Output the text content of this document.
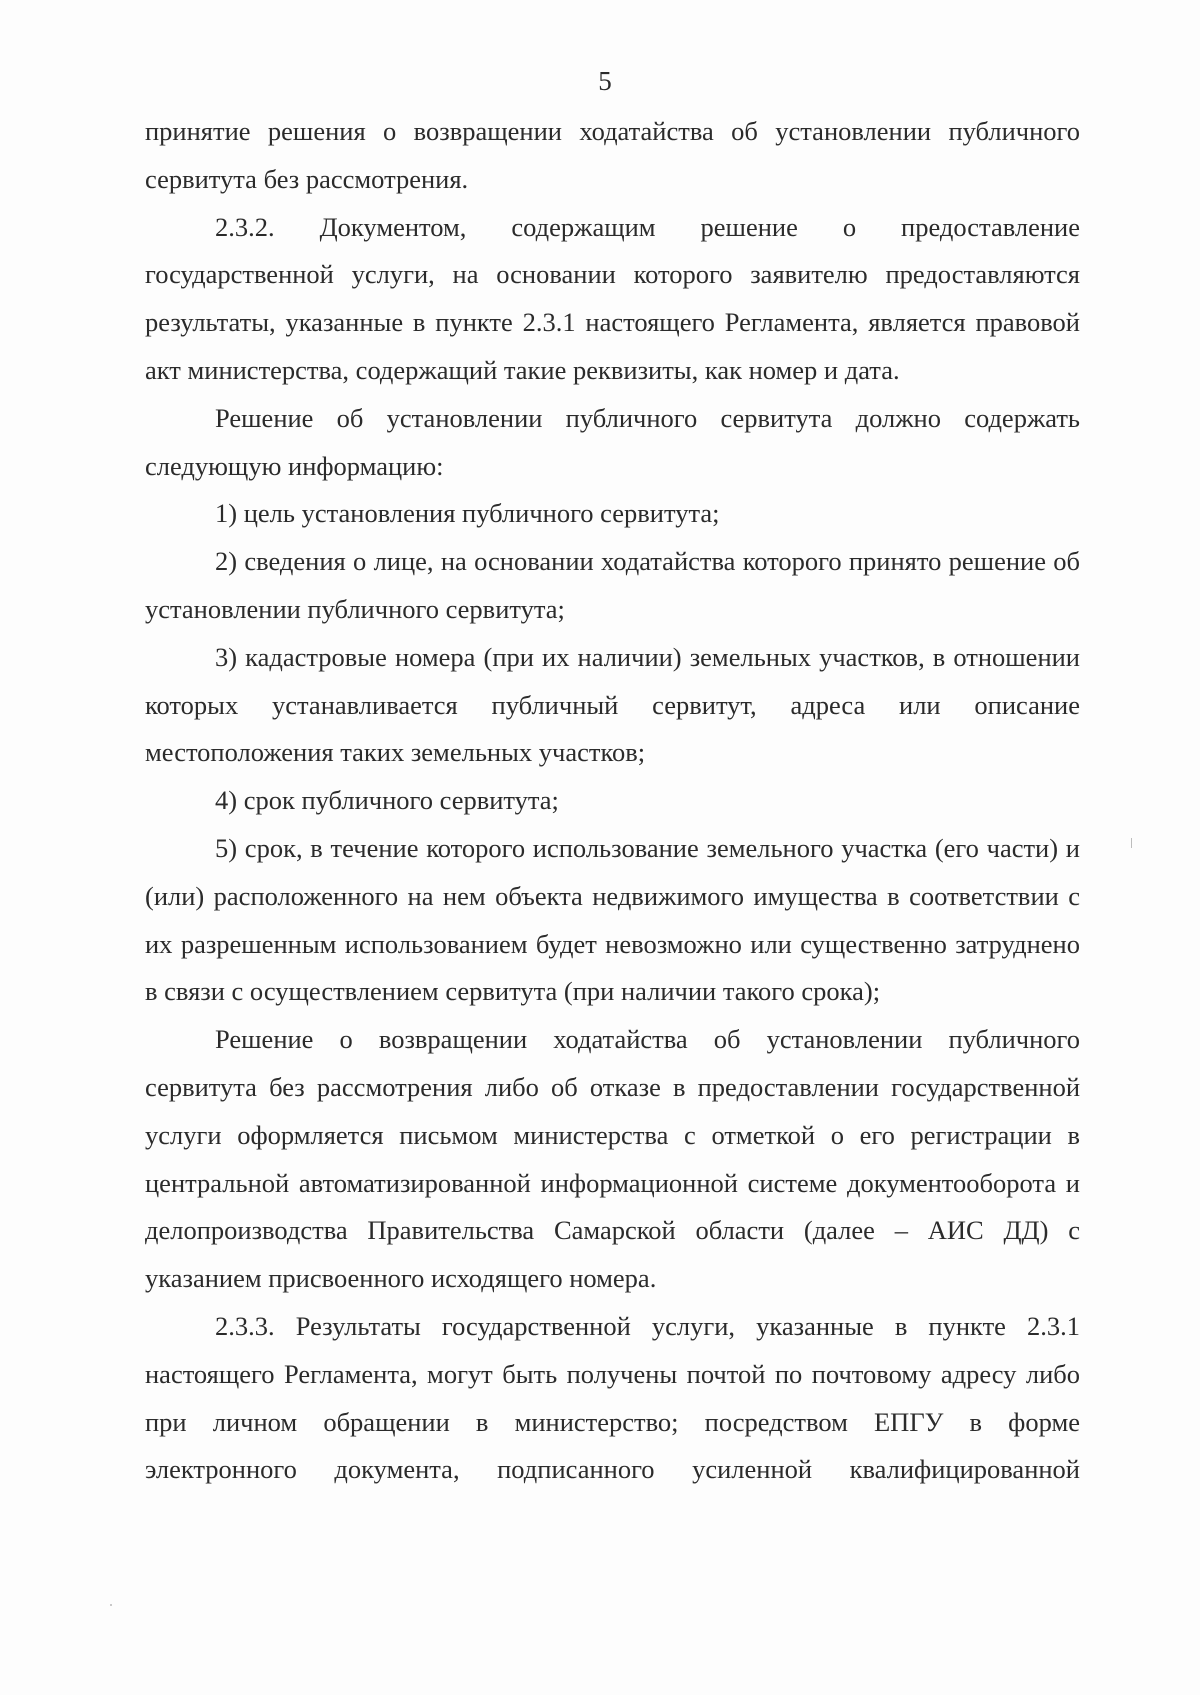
5

принятие решения о возвращении ходатайства об установлении публичного сервитута без рассмотрения.

2.3.2. Документом, содержащим решение о предоставление государственной услуги, на основании которого заявителю предоставляются результаты, указанные в пункте 2.3.1 настоящего Регламента, является правовой акт министерства, содержащий такие реквизиты, как номер и дата.

Решение об установлении публичного сервитута должно содержать следующую информацию:

1) цель установления публичного сервитута;

2) сведения о лице, на основании ходатайства которого принято решение об установлении публичного сервитута;

3) кадастровые номера (при их наличии) земельных участков, в отношении которых устанавливается публичный сервитут, адреса или описание местоположения таких земельных участков;

4) срок публичного сервитута;

5) срок, в течение которого использование земельного участка (его части) и (или) расположенного на нем объекта недвижимого имущества в соответствии с их разрешенным использованием будет невозможно или существенно затруднено в связи с осуществлением сервитута (при наличии такого срока);

Решение о возвращении ходатайства об установлении публичного сервитута без рассмотрения либо об отказе в предоставлении государственной услуги оформляется письмом министерства с отметкой о его регистрации в центральной автоматизированной информационной системе документооборота и делопроизводства Правительства Самарской области (далее – АИС ДД) с указанием присвоенного исходящего номера.

2.3.3. Результаты государственной услуги, указанные в пункте 2.3.1 настоящего Регламента, могут быть получены почтой по почтовому адресу либо при личном обращении в министерство; посредством ЕПГУ в форме электронного документа, подписанного усиленной квалифицированной
